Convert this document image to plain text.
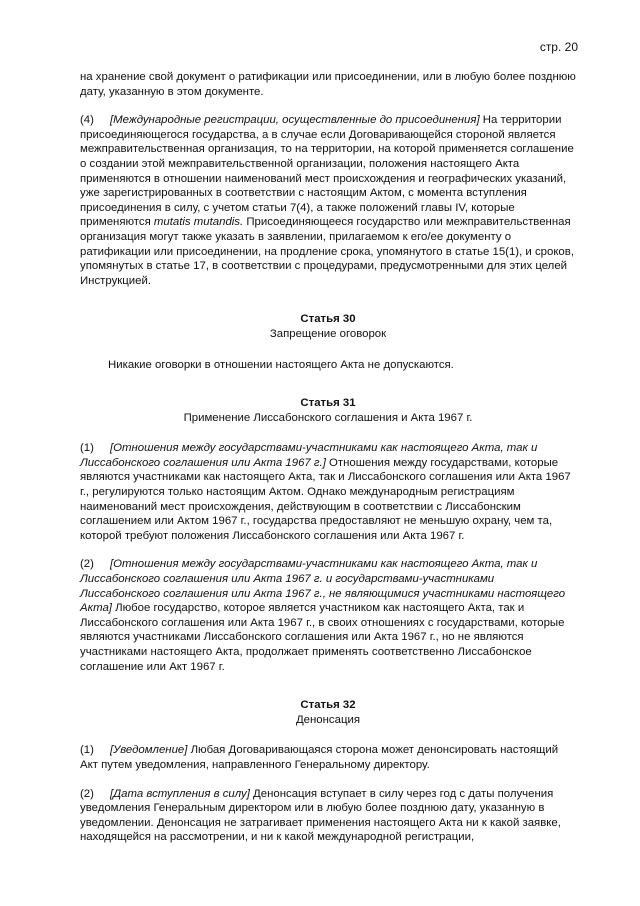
стр. 20

на хранение свой документ о ратификации или присоединении, или в любую более позднюю дату, указанную в этом документе.

(4) [Международные регистрации, осуществленные до присоединения] На территории присоединяющегося государства, а в случае если Договаривающейся стороной является межправительственная организация, то на территории, на которой применяется соглашение о создании этой межправительственной организации, положения настоящего Акта применяются в отношении наименований мест происхождения и географических указаний, уже зарегистрированных в соответствии с настоящим Актом, с момента вступления присоединения в силу, с учетом статьи 7(4), а также положений главы IV, которые применяются mutatis mutandis. Присоединяющееся государство или межправительственная организация могут также указать в заявлении, прилагаемом к его/ее документу о ратификации или присоединении, на продление срока, упомянутого в статье 15(1), и сроков, упомянутых в статье 17, в соответствии с процедурами, предусмотренными для этих целей Инструкцией.

Статья 30
Запрещение оговорок

Никакие оговорки в отношении настоящего Акта не допускаются.

Статья 31
Применение Лиссабонского соглашения и Акта 1967 г.

(1) [Отношения между государствами-участниками как настоящего Акта, так и Лиссабонского соглашения или Акта 1967 г.] Отношения между государствами, которые являются участниками как настоящего Акта, так и Лиссабонского соглашения или Акта 1967 г., регулируются только настоящим Актом. Однако международным регистрациям наименований мест происхождения, действующим в соответствии с Лиссабонским соглашением или Актом 1967 г., государства предоставляют не меньшую охрану, чем та, которой требуют положения Лиссабонского соглашения или Акта 1967 г.

(2) [Отношения между государствами-участниками как настоящего Акта, так и Лиссабонского соглашения или Акта 1967 г. и государствами-участниками Лиссабонского соглашения или Акта 1967 г., не являющимися участниками настоящего Акта] Любое государство, которое является участником как настоящего Акта, так и Лиссабонского соглашения или Акта 1967 г., в своих отношениях с государствами, которые являются участниками Лиссабонского соглашения или Акта 1967 г., но не являются участниками настоящего Акта, продолжает применять соответственно Лиссабонское соглашение или Акт 1967 г.

Статья 32
Денонсация

(1) [Уведомление] Любая Договаривающаяся сторона может денонсировать настоящий Акт путем уведомления, направленного Генеральному директору.

(2) [Дата вступления в силу] Денонсация вступает в силу через год с даты получения уведомления Генеральным директором или в любую более позднюю дату, указанную в уведомлении. Денонсация не затрагивает применения настоящего Акта ни к какой заявке, находящейся на рассмотрении, и ни к какой международной регистрации,
